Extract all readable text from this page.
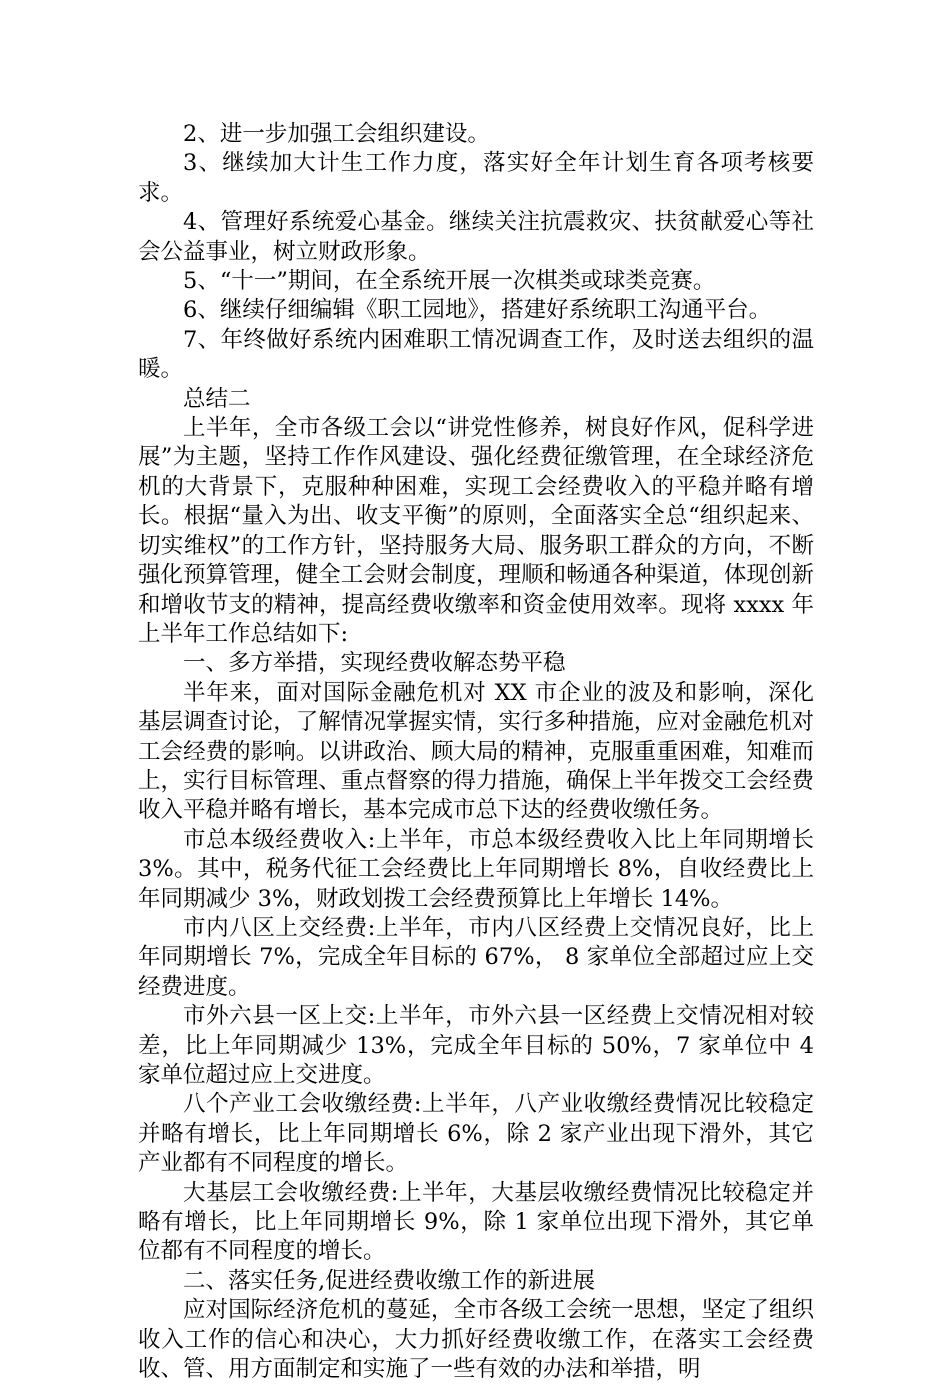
2、进一步加强工会组织建设。

3、继续加大计生工作力度，落实好全年计划生育各项考核要求。

4、管理好系统爱心基金。继续关注抗震救灾、扶贫献爱心等社会公益事业，树立财政形象。

5、“十一”期间，在全系统开展一次棋类或球类竞赛。

6、继续仔细编辑《职工园地》，搭建好系统职工沟通平台。

7、年终做好系统内困难职工情况调查工作，及时送去组织的温暖。

总结二

上半年，全市各级工会以“讲党性修养，树良好作风，促科学进展”为主题，坚持工作作风建设、强化经费征缴管理，在全球经济危机的大背景下，克服种种困难，实现工会经费收入的平稳并略有增长。根据“量入为出、收支平衡”的原则，全面落实全总“组织起来、切实维权”的工作方针，坚持服务大局、服务职工群众的方向，不断强化预算管理，健全工会财会制度，理顺和畅通各种渠道，体现创新和增收节支的精神，提高经费收缴率和资金使用效率。现将 xxxx 年上半年工作总结如下:

一、多方举措，实现经费收解态势平稳

半年来，面对国际金融危机对 XX 市企业的波及和影响，深化基层调查讨论，了解情况掌握实情，实行多种措施，应对金融危机对工会经费的影响。以讲政治、顾大局的精神，克服重重困难，知难而上，实行目标管理、重点督察的得力措施，确保上半年拨交工会经费收入平稳并略有增长，基本完成市总下达的经费收缴任务。

市总本级经费收入:上半年，市总本级经费收入比上年同期增长 3%。其中，税务代征工会经费比上年同期增长 8%，自收经费比上年同期减少 3%，财政划拨工会经费预算比上年增长 14%。

市内八区上交经费:上半年，市内八区经费上交情况良好，比上年同期增长 7%，完成全年目标的 67%， 8 家单位全部超过应上交经费进度。

市外六县一区上交:上半年，市外六县一区经费上交情况相对较差，比上年同期减少 13%，完成全年目标的 50%，7 家单位中 4 家单位超过应上交进度。

八个产业工会收缴经费:上半年，八产业收缴经费情况比较稳定并略有增长，比上年同期增长 6%，除 2 家产业出现下滑外，其它产业都有不同程度的增长。

大基层工会收缴经费:上半年，大基层收缴经费情况比较稳定并略有增长，比上年同期增长 9%，除 1 家单位出现下滑外，其它单位都有不同程度的增长。

二、落实任务,促进经费收缴工作的新进展

应对国际经济危机的蔓延，全市各级工会统一思想，坚定了组织收入工作的信心和决心，大力抓好经费收缴工作，在落实工会经费收、管、用方面制定和实施了一些有效的办法和举措，明
